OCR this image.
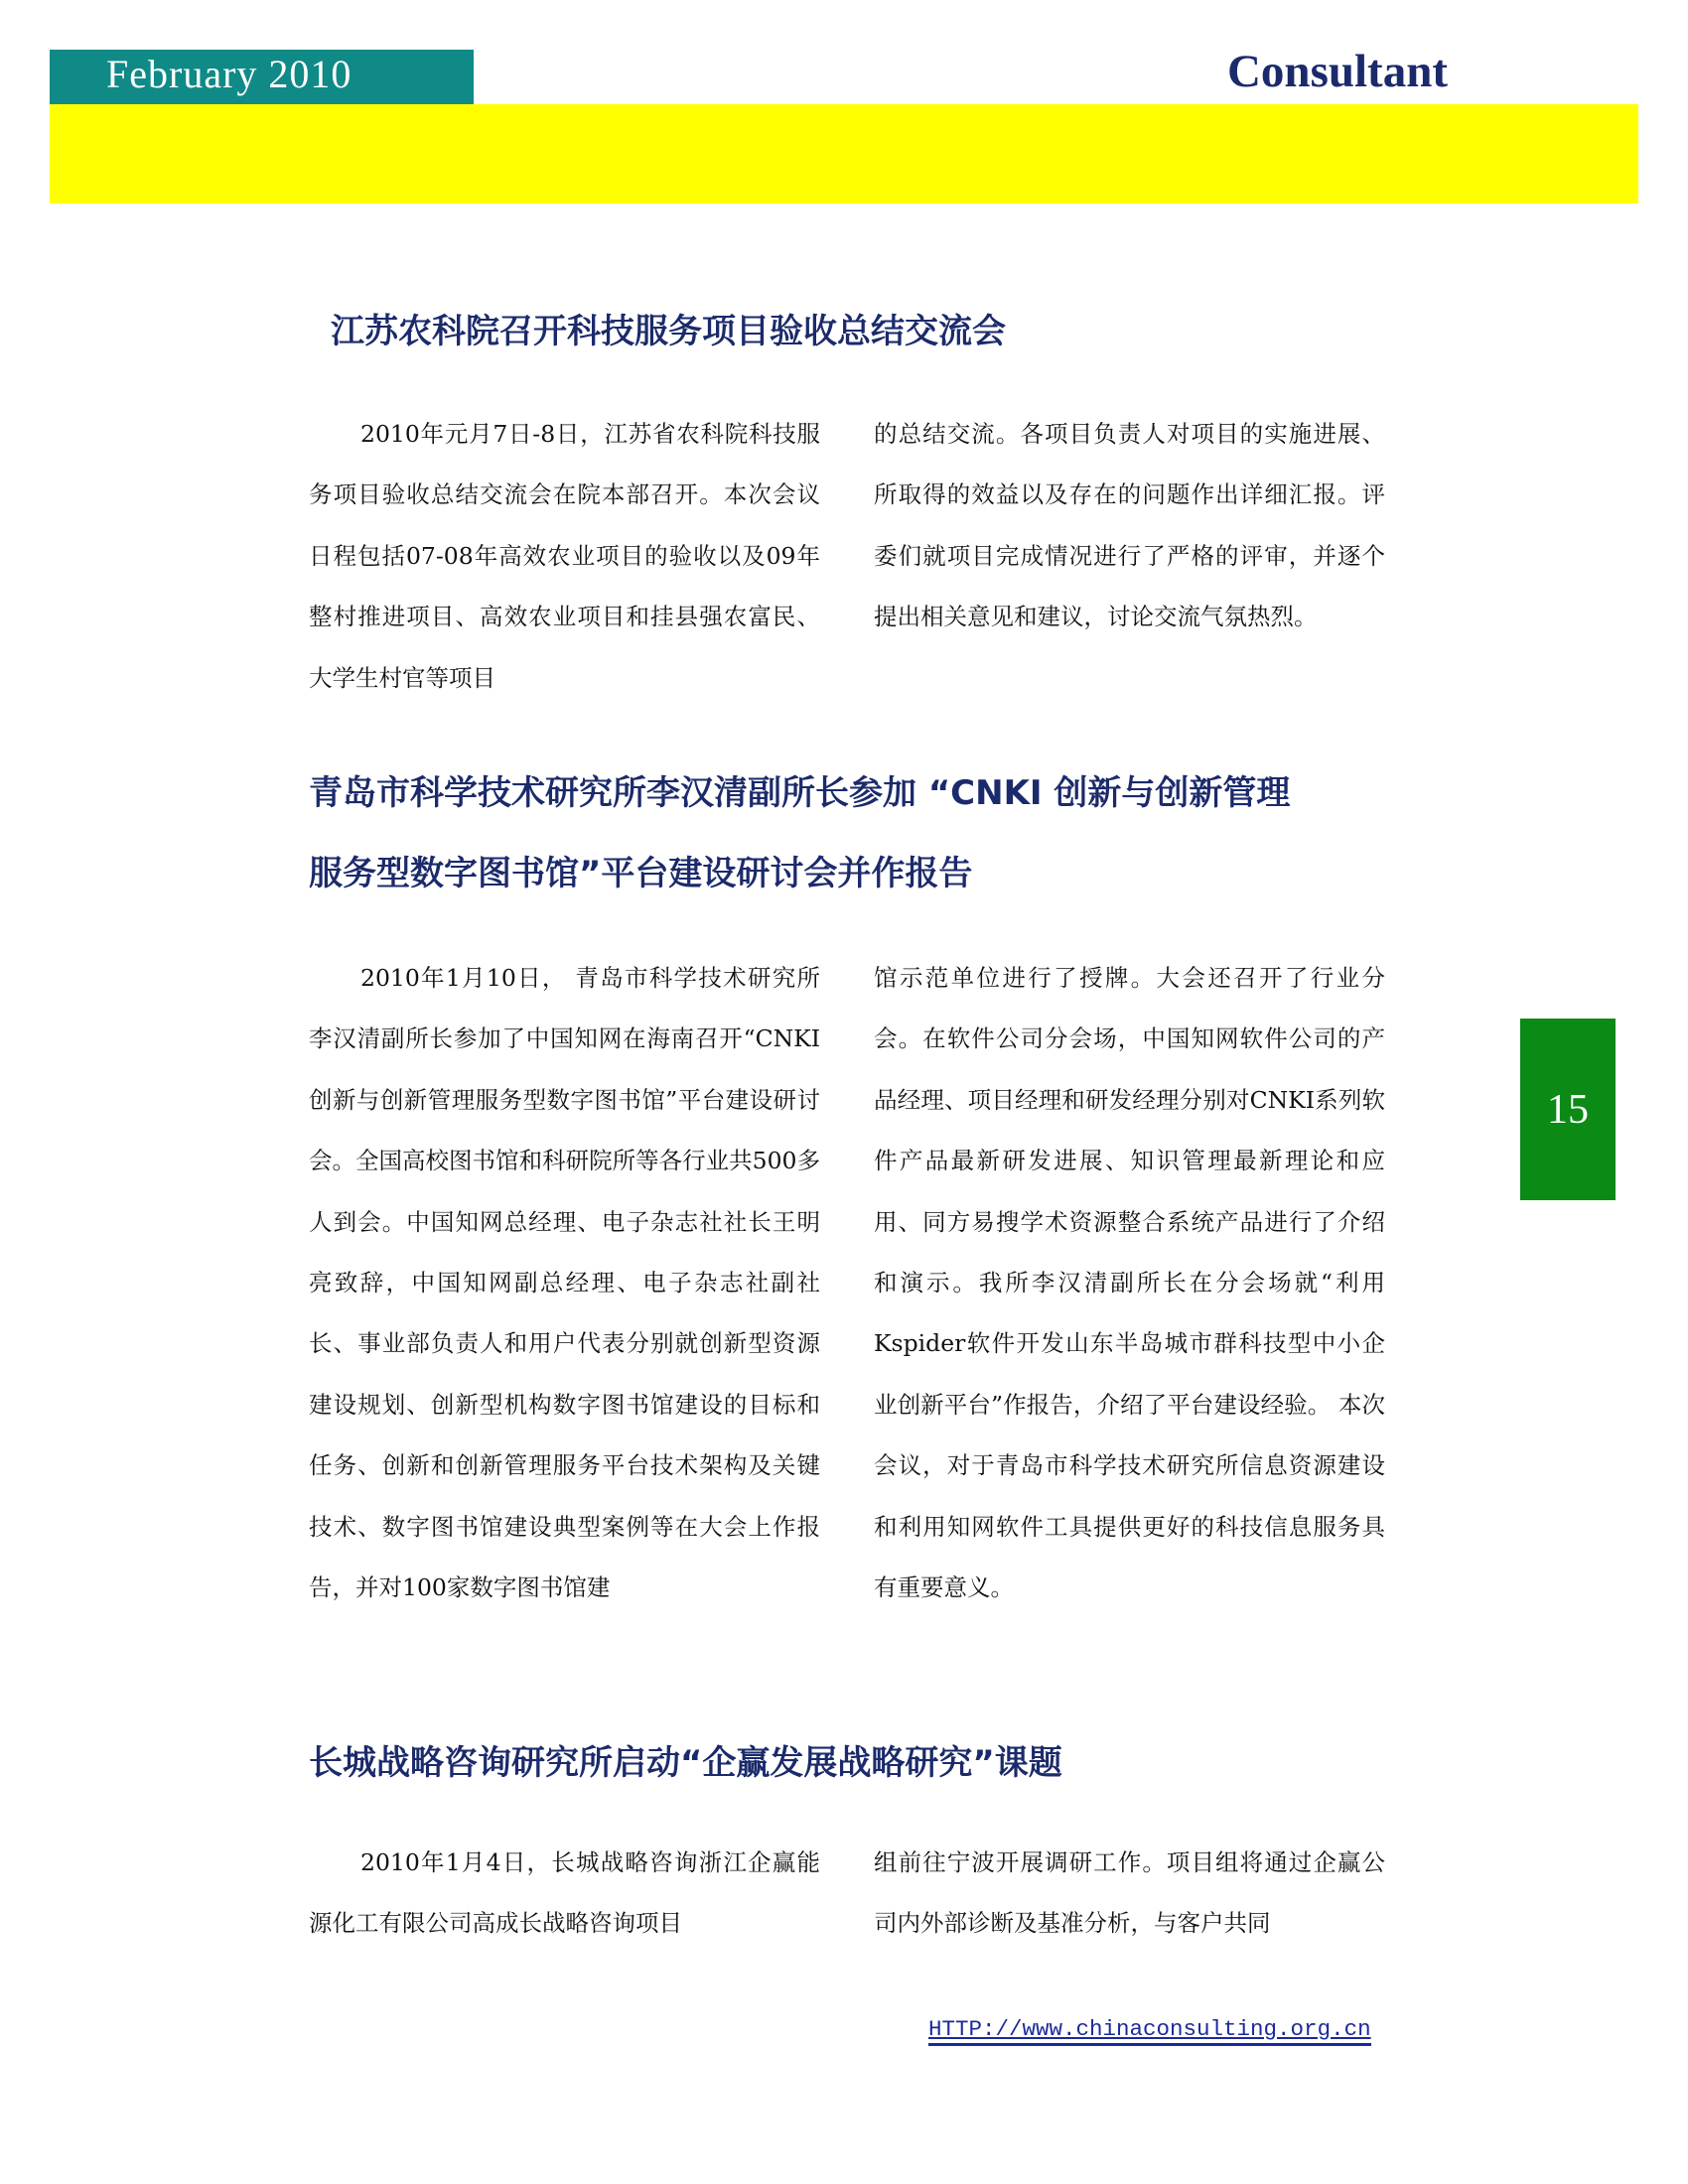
February 2010	Consultant
江苏农科院召开科技服务项目验收总结交流会

2010年元月7日-8日，江苏省农科院科技服务项目验收总结交流会在院本部召开。本次会议日程包括07-08年高效农业项目的验收以及09年整村推进项目、高效农业项目和挂县强农富民、大学生村官等项目

的总结交流。各项目负责人对项目的实施进展、所取得的效益以及存在的问题作出详细汇报。评委们就项目完成情况进行了严格的评审，并逐个提出相关意见和建议，讨论交流气氛热烈。

青岛市科学技术研究所李汉清副所长参加 “CNKI 创新与创新管理
服务型数字图书馆”平台建设研讨会并作报告

2010年1月10日， 青岛市科学技术研究所李汉清副所长参加了中国知网在海南召开“CNKI创新与创新管理服务型数字图书馆”平台建设研讨会。全国高校图书馆和科研院所等各行业共500多人到会。中国知网总经理、电子杂志社社长王明亮致辞，中国知网副总经理、电子杂志社副社长、事业部负责人和用户代表分别就创新型资源建设规划、创新型机构数字图书馆建设的目标和任务、创新和创新管理服务平台技术架构及关键技术、数字图书馆建设典型案例等在大会上作报告，并对100家数字图书馆建

馆示范单位进行了授牌。大会还召开了行业分会。在软件公司分会场，中国知网软件公司的产品经理、项目经理和研发经理分别对CNKI系列软件产品最新研发进展、知识管理最新理论和应用、同方易搜学术资源整合系统产品进行了介绍和演示。我所李汉清副所长在分会场就“利用Kspider软件开发山东半岛城市群科技型中小企业创新平台”作报告，介绍了平台建设经验。 本次会议，对于青岛市科学技术研究所信息资源建设和利用知网软件工具提供更好的科技信息服务具有重要意义。

长城战略咨询研究所启动“企赢发展战略研究”课题

2010年1月4日，长城战略咨询浙江企赢能源化工有限公司高成长战略咨询项目

组前往宁波开展调研工作。项目组将通过企赢公司内外部诊断及基准分析，与客户共同

15
HTTP://www.chinaconsulting.org.cn
